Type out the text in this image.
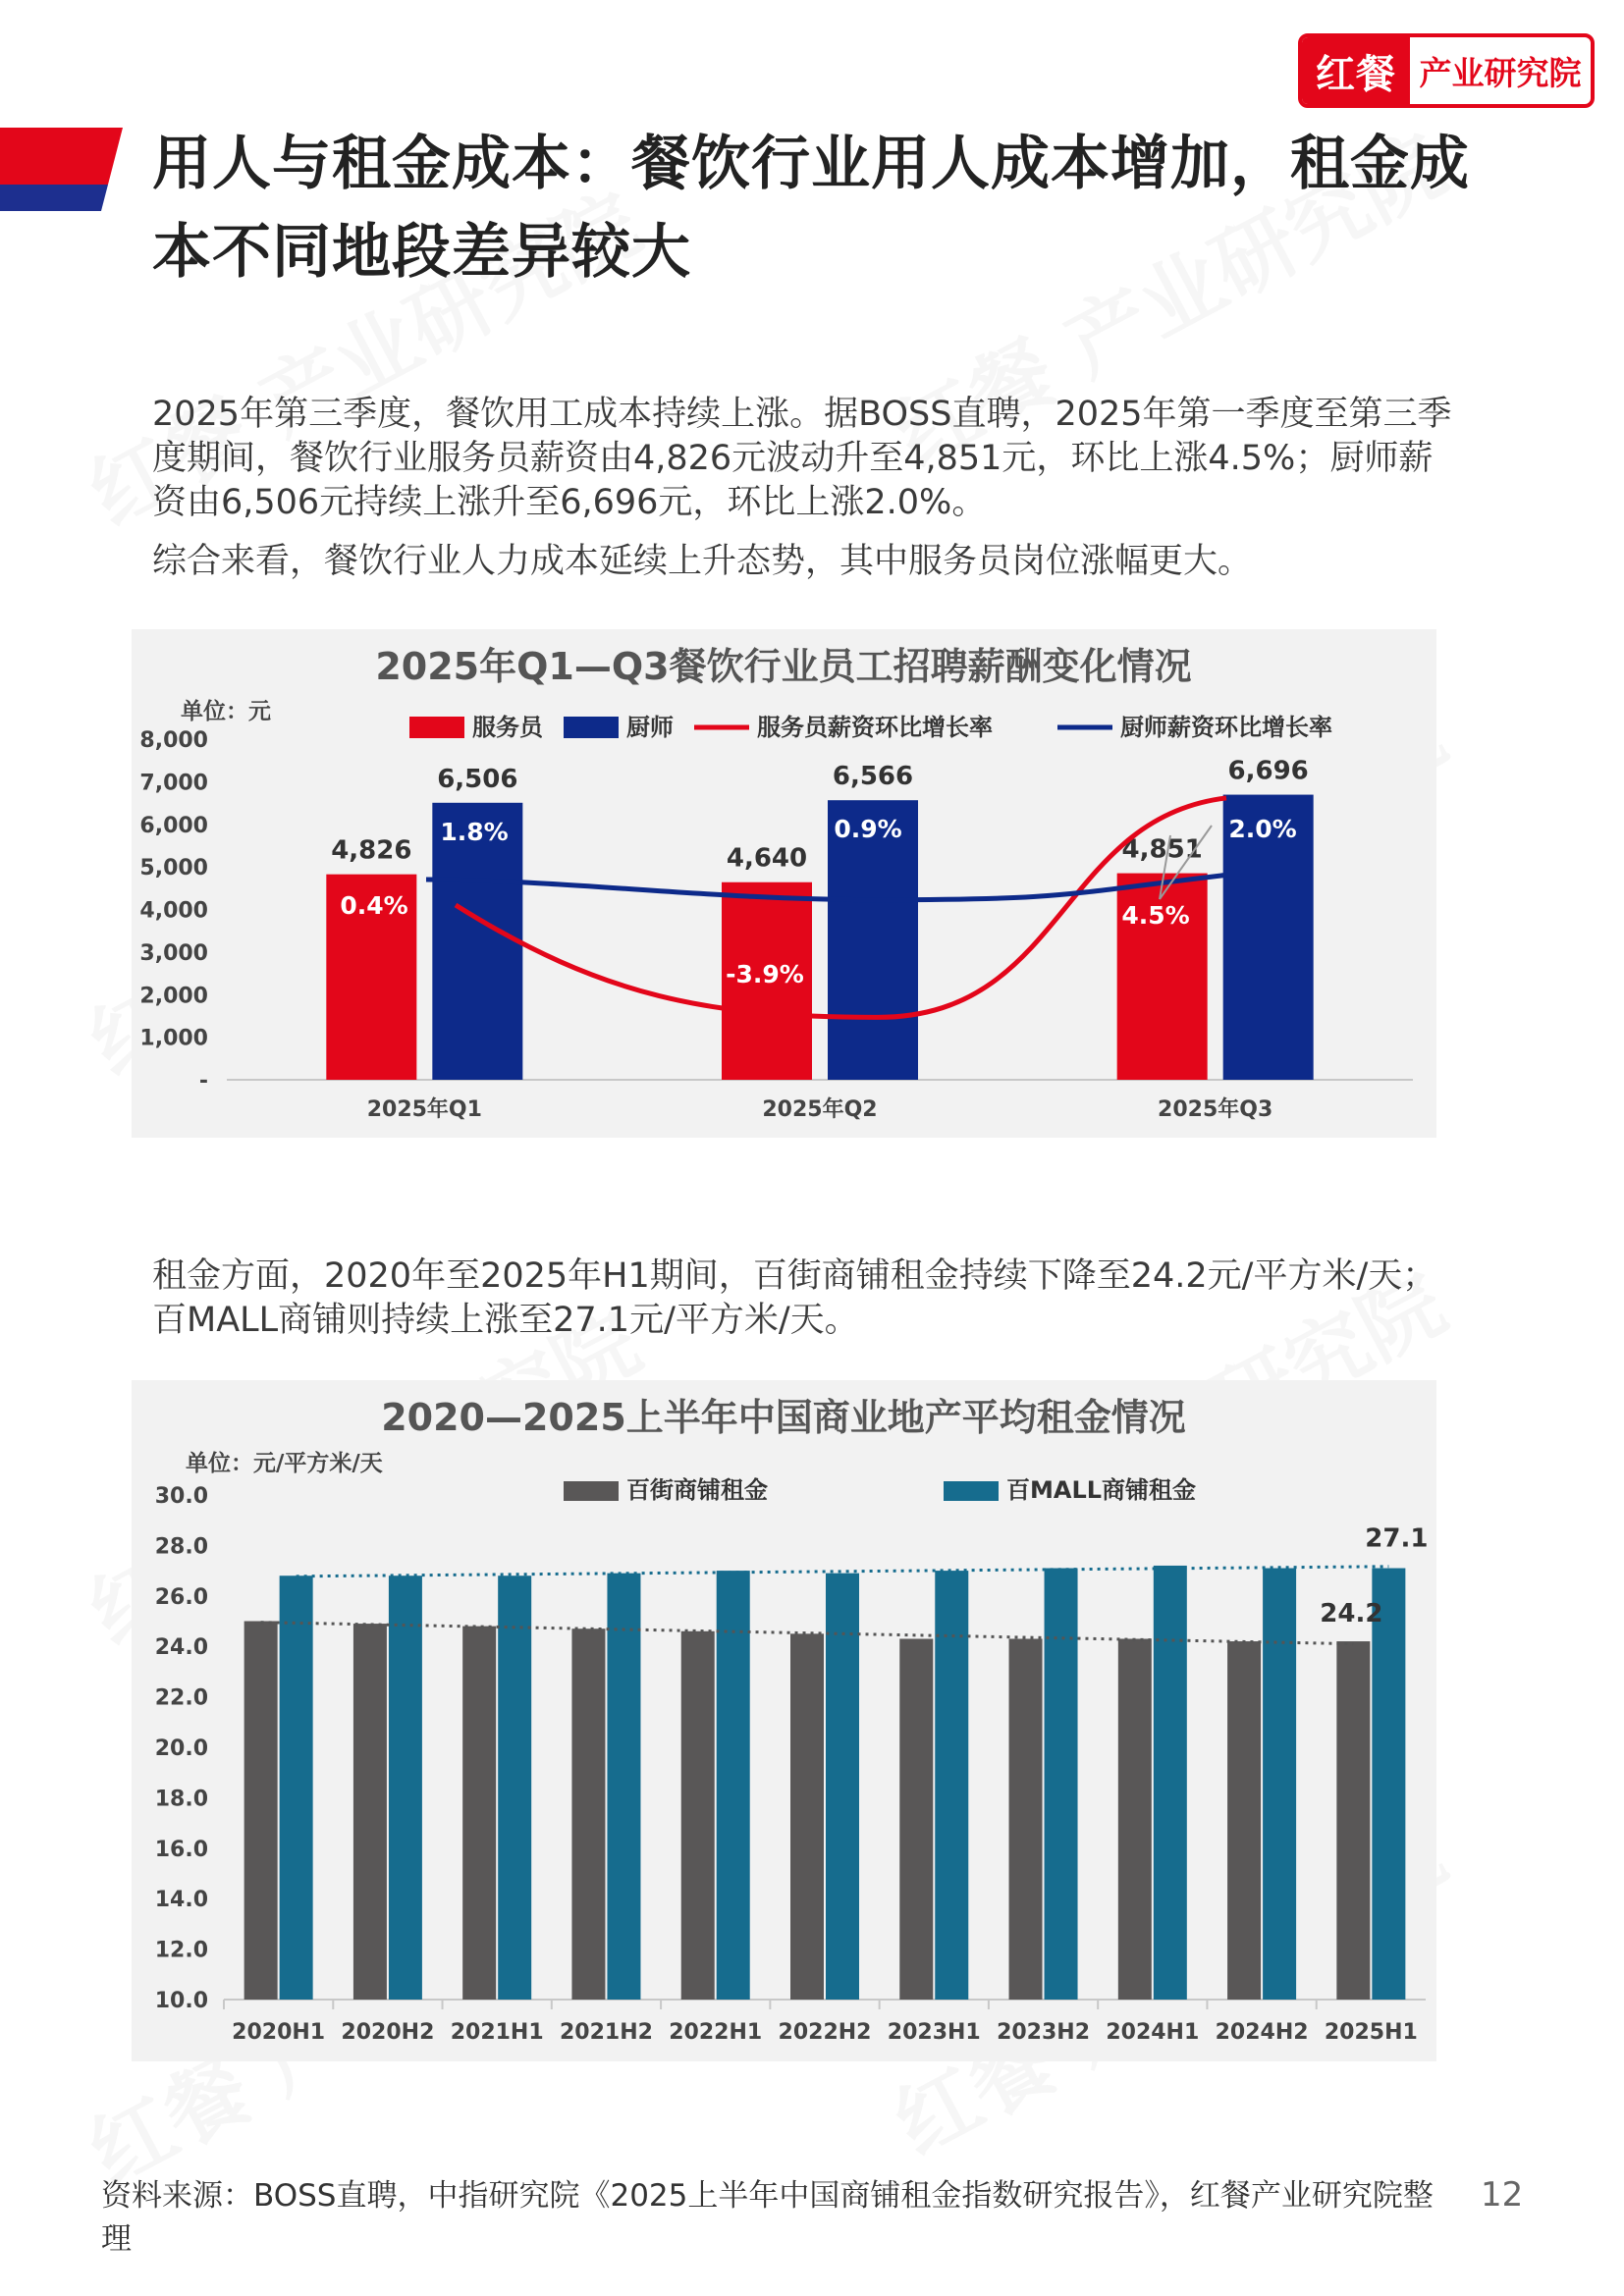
红餐 产业研究院
用人与租金成本：餐饮行业用人成本增加，租金成本不同地段差异较大
2025年第三季度，餐饮用工成本持续上涨。据BOSS直聘，2025年第一季度至第三季度期间，餐饮行业服务员薪资由4,826元波动升至4,851元，环比上涨4.5%；厨师薪资由6,506元持续上涨升至6,696元，环比上涨2.0%。
综合来看，餐饮行业人力成本延续上升态势，其中服务员岗位涨幅更大。
2025年Q1—Q3餐饮行业员工招聘薪酬变化情况
单位：元
-
1,000
2,000
3,000
4,000
5,000
6,000
7,000
8,000	服务员	厨师	服务员薪资环比增长率	厨师薪资环比增长率
4,826
6,506
2025年Q1
4,640
6,566
2025年Q2
4,851
6,696
2025年Q3
0.4%
-3.9%
4.5%
1.8%	0.9%	2.0%
租金方面，2020年至2025年H1期间，百街商铺租金持续下降至24.2元/平方米/天；百MALL商铺则持续上涨至27.1元/平方米/天。
2020—2025上半年中国商业地产平均租金情况
单位：元/平方米/天
10.0
12.0
14.0
16.0
18.0
20.0
22.0
24.0
26.0
28.0
30.0	百街商铺租金	百MALL商铺租金
2020H1 2020H2 2021H1 2021H2 2022H1 2022H2 2023H1 2023H2 2024H1 2024H2 2025H1
24.2
27.1
资料来源：BOSS直聘，中指研究院《2025上半年中国商铺租金指数研究报告》，红餐产业研究院整理
12
